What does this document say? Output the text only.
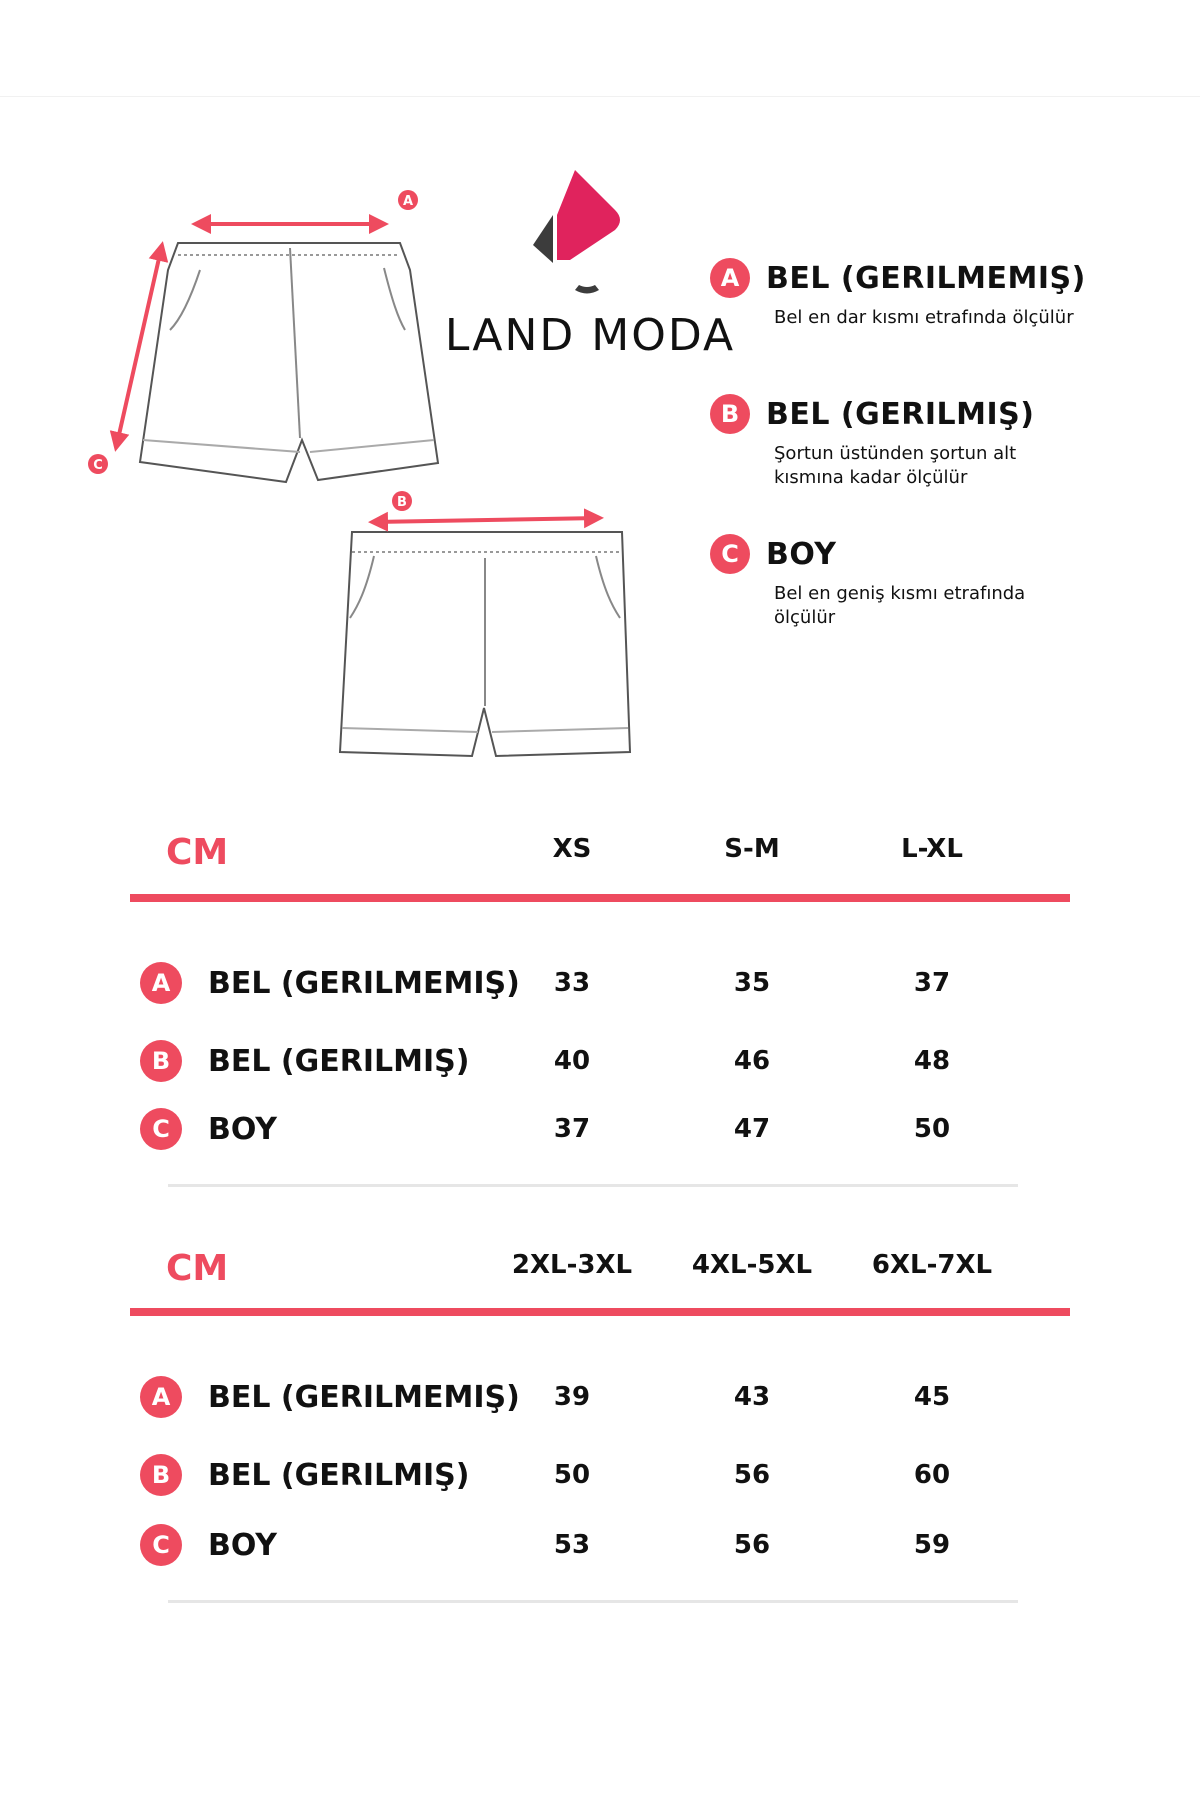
A
B
C
LAND MODA
A BEL (GERILMEMIŞ)
Bel en dar kısmı etrafında ölçülür
B BEL (GERILMIŞ)
Şortun üstünden şortun alt kısmına kadar ölçülür
C BOY
Bel en geniş kısmı etrafında ölçülür
CM	XS	S-M	L-XL
A	BEL (GERILMEMIŞ)	33	35	37
B	BEL (GERILMIŞ)	40	46	48
C	BOY	37	47	50
CM	2XL-3XL	4XL-5XL	6XL-7XL
A	BEL (GERILMEMIŞ)	39	43	45
B	BEL (GERILMIŞ)	50	56	60
C	BOY	53	56	59
